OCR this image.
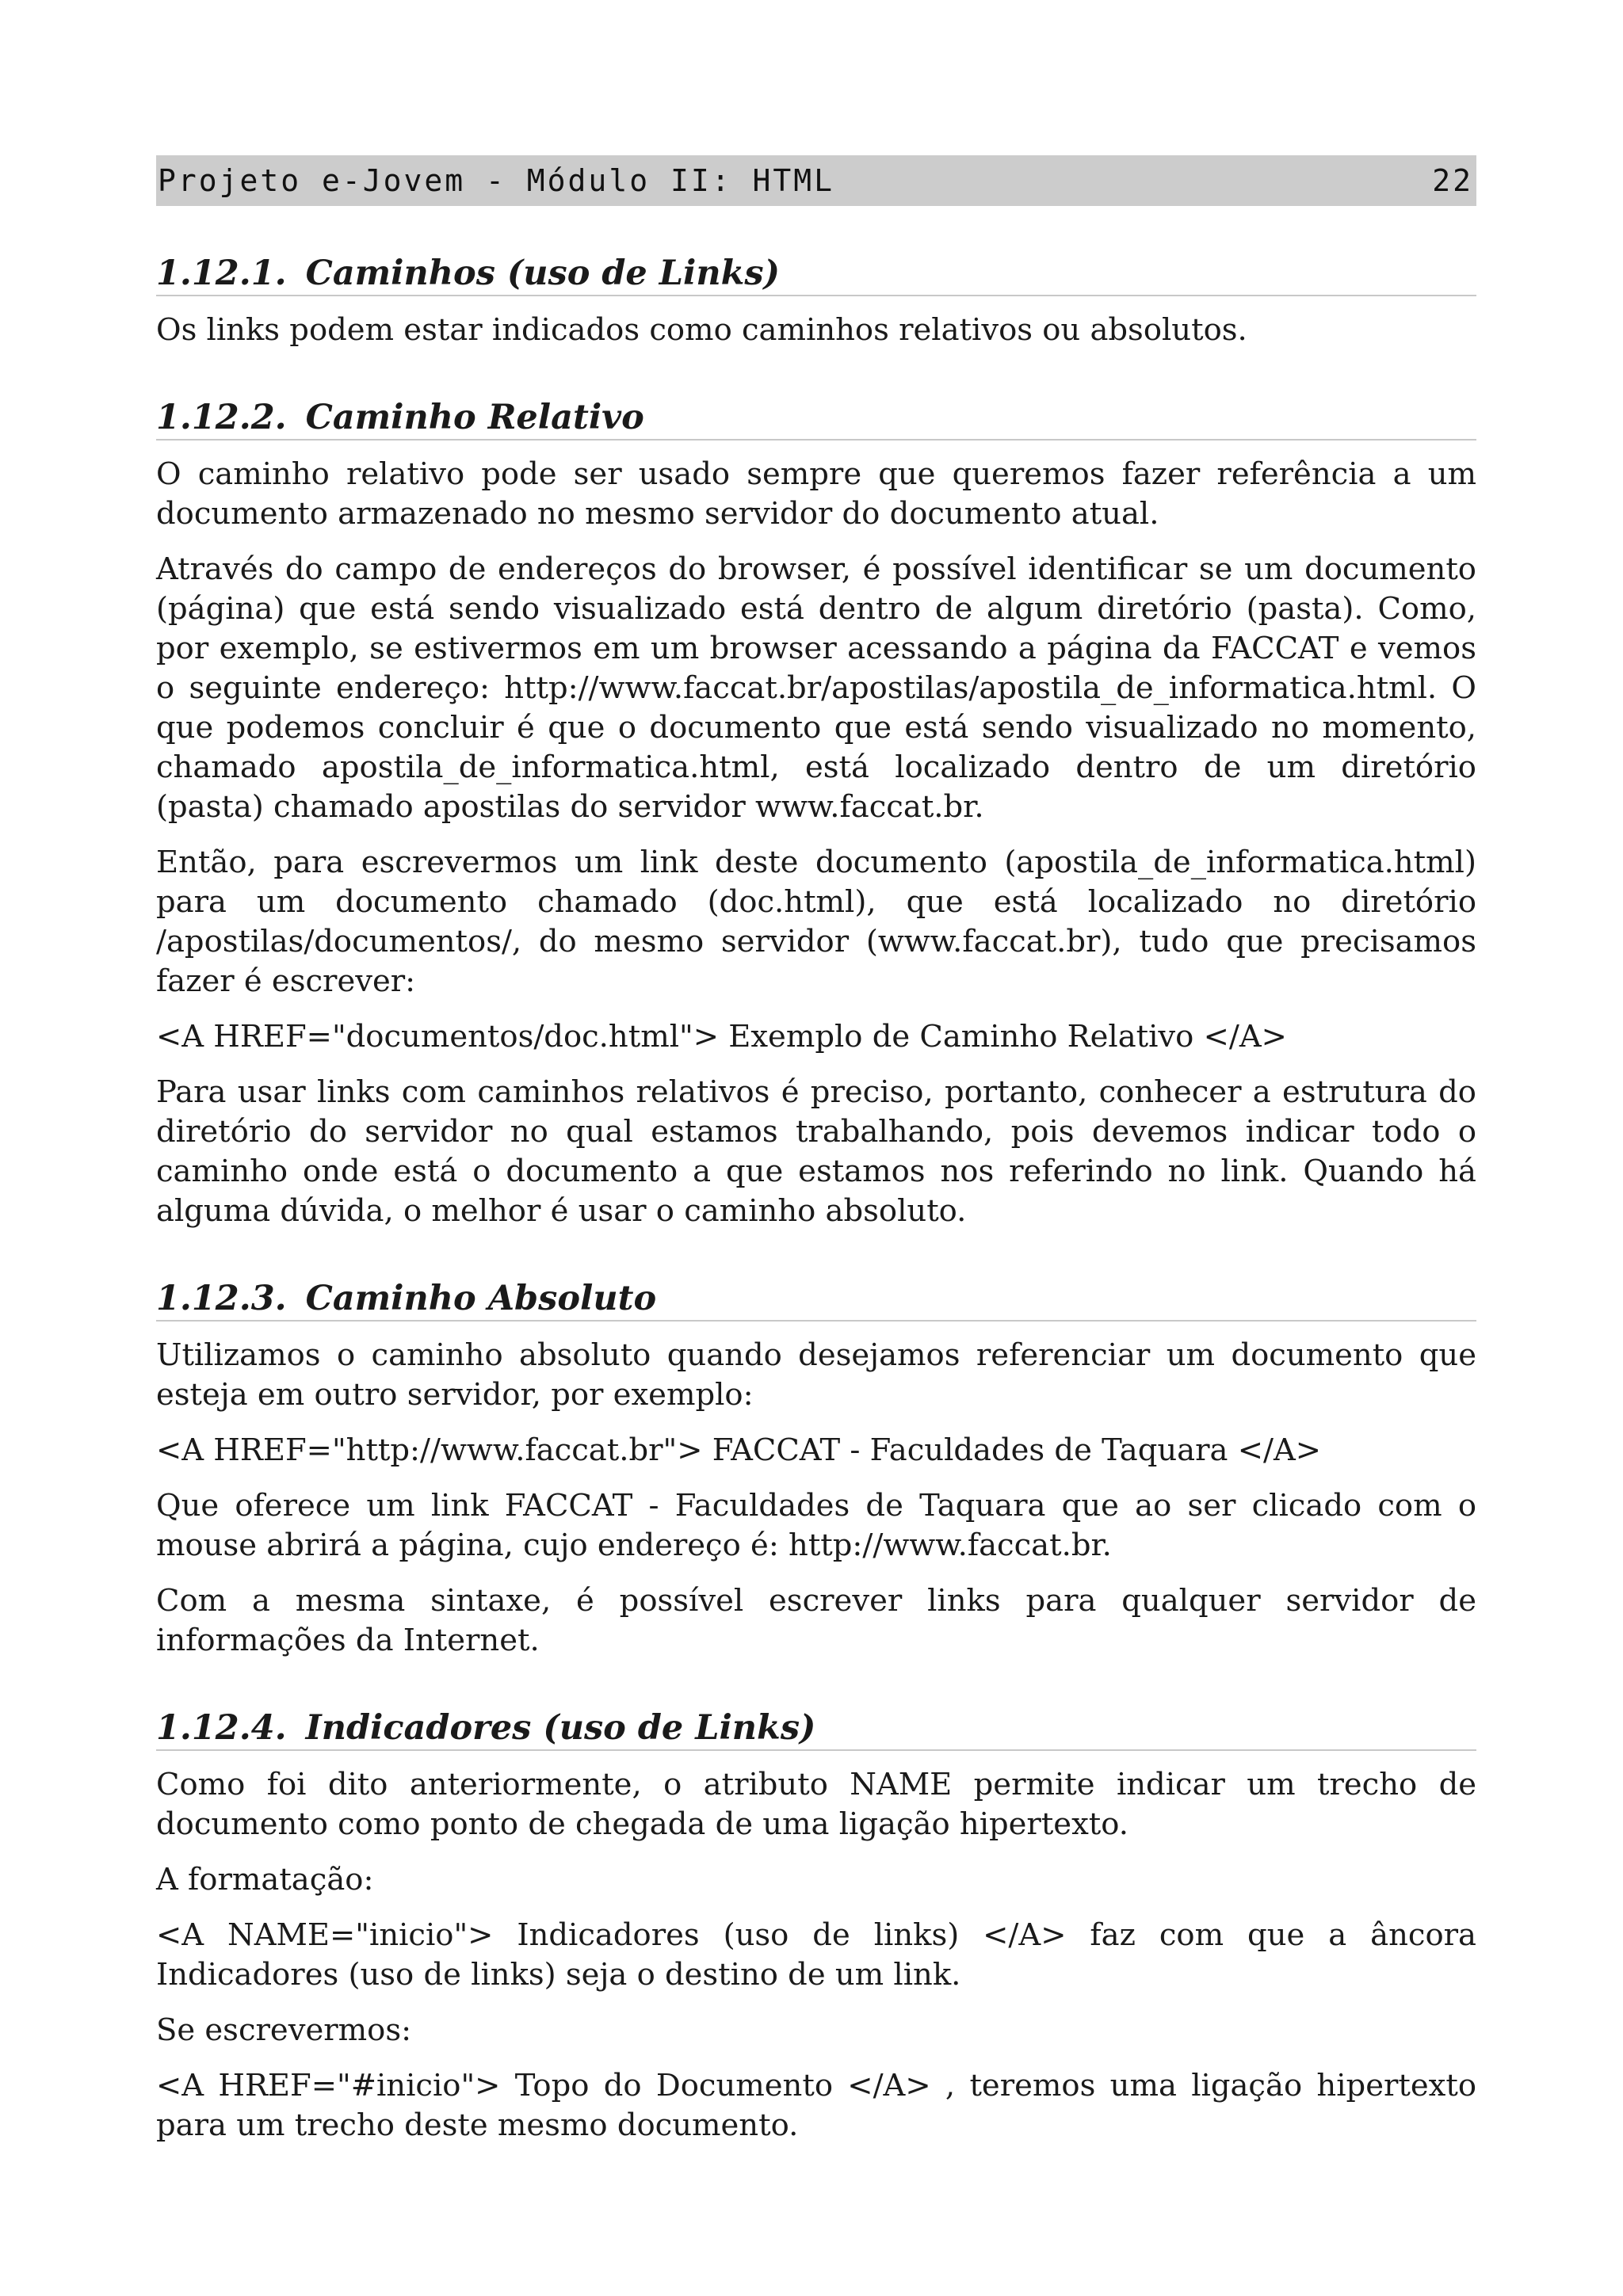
Projeto e-Jovem - Módulo II: HTML	22
1.12.1. Caminhos (uso de Links)

Os links podem estar indicados como caminhos relativos ou absolutos.

1.12.2. Caminho Relativo

O caminho relativo pode ser usado sempre que queremos fazer referência a um documento armazenado no mesmo servidor do documento atual.

Através do campo de endereços do browser, é possível identificar se um documento (página) que está sendo visualizado está dentro de algum diretório (pasta). Como, por exemplo, se estivermos em um browser acessando a página da FACCAT e vemos o seguinte endereço: http://www.faccat.br/apostilas/apostila_de_informatica.html. O que podemos concluir é que o documento que está sendo visualizado no momento, chamado apostila_de_informatica.html, está localizado dentro de um diretório (pasta) chamado apostilas do servidor www.faccat.br.

Então, para escrevermos um link deste documento (apostila_de_informatica.html) para um documento chamado (doc.html), que está localizado no diretório /apostilas/documentos/, do mesmo servidor (www.faccat.br), tudo que precisamos fazer é escrever:

<A HREF="documentos/doc.html"> Exemplo de Caminho Relativo </A>

Para usar links com caminhos relativos é preciso, portanto, conhecer a estrutura do diretório do servidor no qual estamos trabalhando, pois devemos indicar todo o caminho onde está o documento a que estamos nos referindo no link. Quando há alguma dúvida, o melhor é usar o caminho absoluto.

1.12.3. Caminho Absoluto

Utilizamos o caminho absoluto quando desejamos referenciar um documento que esteja em outro servidor, por exemplo:

<A HREF="http://www.faccat.br"> FACCAT - Faculdades de Taquara </A>

Que oferece um link FACCAT - Faculdades de Taquara que ao ser clicado com o mouse abrirá a página, cujo endereço é: http://www.faccat.br.

Com a mesma sintaxe, é possível escrever links para qualquer servidor de informações da Internet.

1.12.4. Indicadores (uso de Links)

Como foi dito anteriormente, o atributo NAME permite indicar um trecho de documento como ponto de chegada de uma ligação hipertexto.

A formatação:

<A NAME="inicio"> Indicadores (uso de links) </A> faz com que a âncora Indicadores (uso de links) seja o destino de um link.

Se escrevermos:

<A HREF="#inicio"> Topo do Documento </A> , teremos uma ligação hipertexto para um trecho deste mesmo documento.
